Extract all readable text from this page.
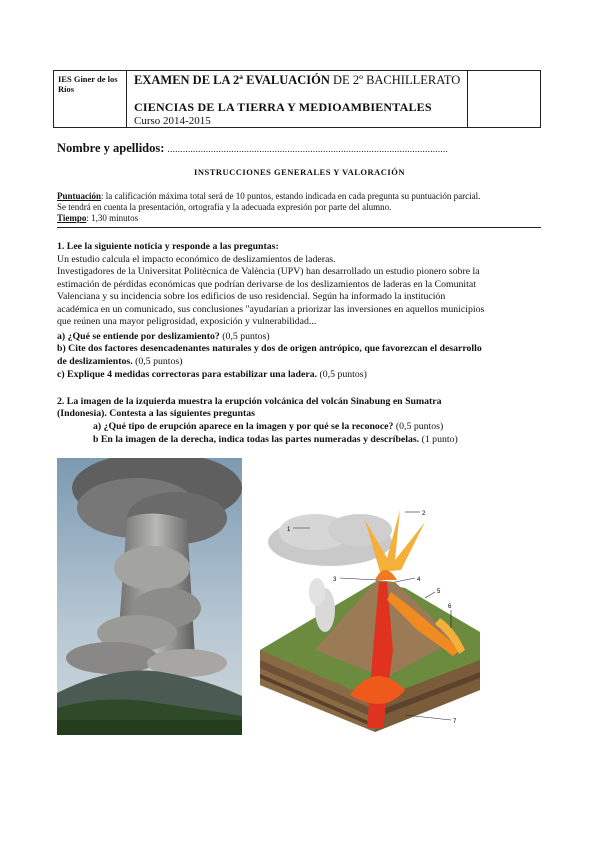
IES Giner de los Ríos
EXAMEN DE LA 2ª EVALUACIÓN DE 2º BACHILLERATO
CIENCIAS DE LA TIERRA Y MEDIOAMBIENTALES
Curso 2014-2015
Nombre y apellidos: ..............................................................................................................
INSTRUCCIONES GENERALES Y VALORACIÓN
Puntuación: la calificación máxima total será de 10 puntos, estando indicada en cada pregunta su puntuación parcial.
Se tendrá en cuenta la presentación, ortografía y la adecuada expresión por parte del alumno.
Tiempo: 1,30 minutos
1. Lee la siguiente noticia y responde a las preguntas:
Un estudio calcula el impacto económico de deslizamientos de laderas.
Investigadores de la Universitat Politècnica de València (UPV) han desarrollado un estudio pionero sobre la
estimación de pérdidas económicas que podrían derivarse de los deslizamientos de laderas en la Comunitat
Valenciana y su incidencia sobre los edificios de uso residencial. Según ha informado la institución
académica en un comunicado, sus conclusiones "ayudarían a priorizar las inversiones en aquellos municipios
que reúnen una mayor peligrosidad, exposición y vulnerabilidad...
a) ¿Qué se entiende por deslizamiento? (0,5 puntos)
b) Cite dos factores desencadenantes naturales y dos de origen antrópico, que favorezcan el desarrollo
de deslizamientos. (0,5 puntos)
c) Explique 4 medidas correctoras para estabilizar una ladera. (0,5 puntos)
2. La imagen de la izquierda muestra la erupción volcánica del volcán Sinabung en Sumatra
(Indonesia). Contesta a las siguientes preguntas
a) ¿Qué tipo de erupción aparece en la imagen y por qué se la reconoce? (0,5 puntos)
b En la imagen de la derecha, indica todas las partes numeradas y descríbelas. (1 punto)
1
2
3	4
5
6
7
